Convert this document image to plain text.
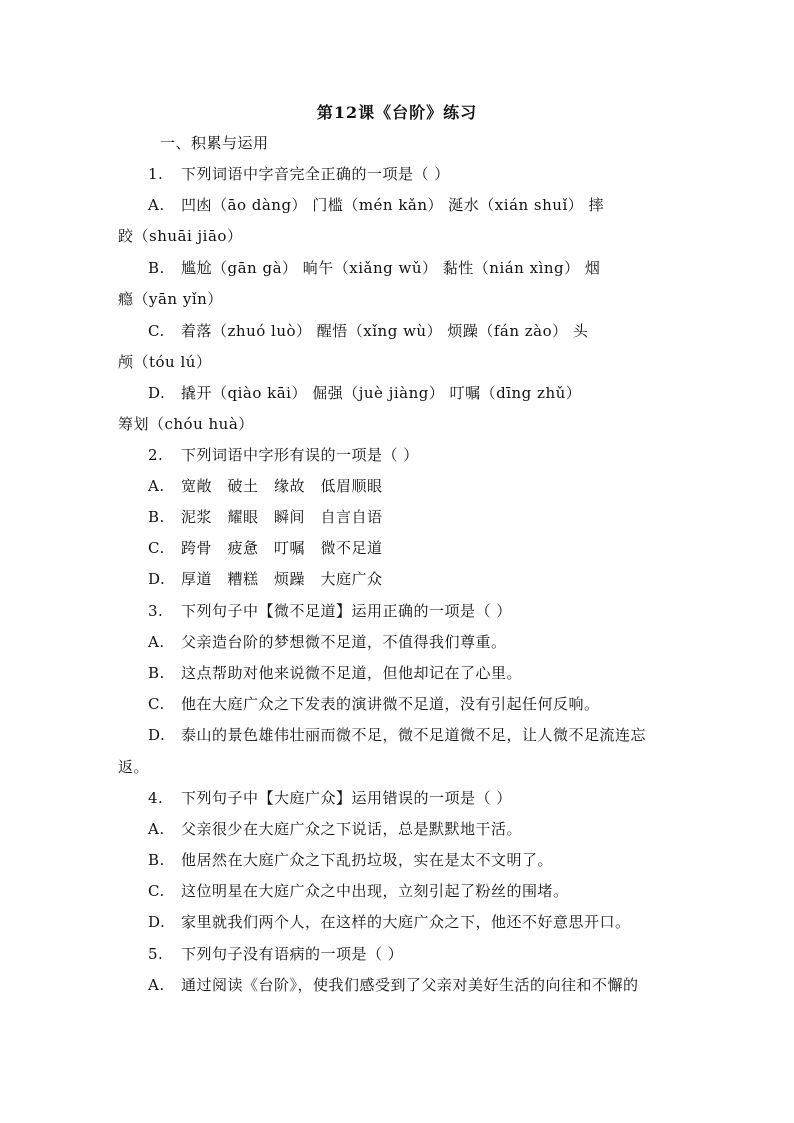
第12课《台阶》练习
一、积累与运用
1. 下列词语中字音完全正确的一项是（ ）
A. 凹凼（āo dàng） 门槛（mén kǎn） 涎水（xián shuǐ） 摔
跤（shuāi jiāo）
B. 尴尬（gān gà） 晌午（xiǎng wǔ） 黏性（nián xìng） 烟
瘾（yān yǐn）
C. 着落（zhuó luò） 醒悟（xǐng wù） 烦躁（fán zào） 头
颅（tóu lú）
D. 撬开（qiào kāi） 倔强（juè jiàng） 叮嘱（dīng zhǔ）
筹划（chóu huà）
2. 下列词语中字形有误的一项是（ ）
A. 宽敞　破土　缘故　低眉顺眼
B. 泥浆　耀眼　瞬间　自言自语
C. 跨骨　疲惫　叮嘱　微不足道
D. 厚道　糟糕　烦躁　大庭广众
3. 下列句子中【微不足道】运用正确的一项是（ ）
A. 父亲造台阶的梦想微不足道，不值得我们尊重。
B. 这点帮助对他来说微不足道，但他却记在了心里。
C. 他在大庭广众之下发表的演讲微不足道，没有引起任何反响。
D. 泰山的景色雄伟壮丽而微不足，微不足道微不足，让人微不足流连忘
返。
4. 下列句子中【大庭广众】运用错误的一项是（ ）
A. 父亲很少在大庭广众之下说话，总是默默地干活。
B. 他居然在大庭广众之下乱扔垃圾，实在是太不文明了。
C. 这位明星在大庭广众之中出现，立刻引起了粉丝的围堵。
D. 家里就我们两个人，在这样的大庭广众之下，他还不好意思开口。
5. 下列句子没有语病的一项是（ ）
A. 通过阅读《台阶》，使我们感受到了父亲对美好生活的向往和不懈的
